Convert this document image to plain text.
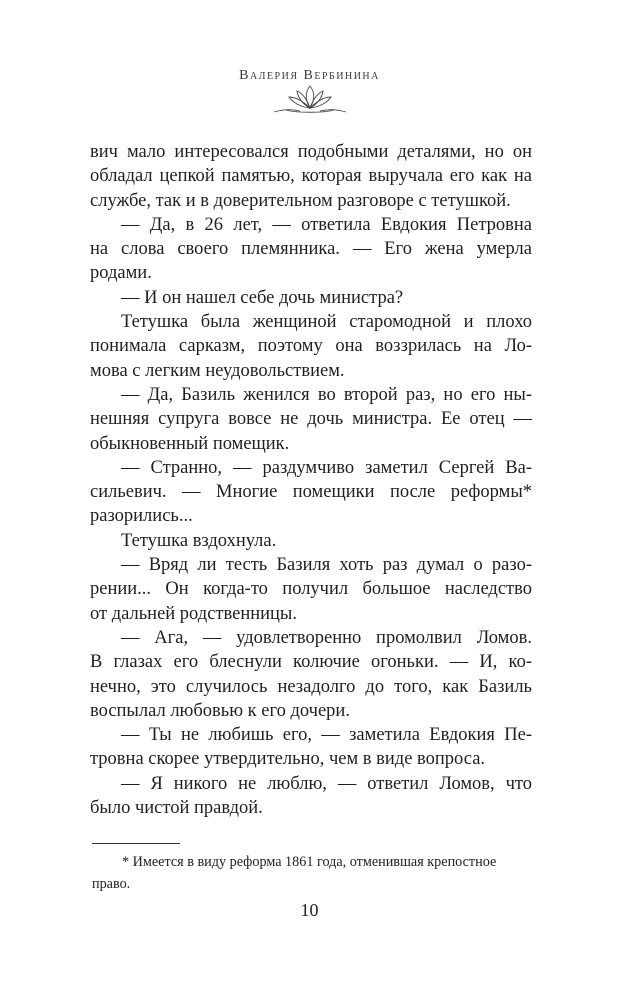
Валерия Вербинина
вич мало интересовался подобными деталями, но он
обладал цепкой памятью, которая выручала его как на
службе, так и в доверительном разговоре с тетушкой.
— Да, в 26 лет, — ответила Евдокия Петровна
на слова своего племянника. — Его жена умерла
родами.
— И он нашел себе дочь министра?
Тетушка была женщиной старомодной и плохо
понимала сарказм, поэтому она воззрилась на Ло-
мова с легким неудовольствием.
— Да, Базиль женился во второй раз, но его ны-
нешняя супруга вовсе не дочь министра. Ее отец —
обыкновенный помещик.
— Странно, — раздумчиво заметил Сергей Ва-
сильевич. — Многие помещики после реформы*
разорились...
Тетушка вздохнула.
— Вряд ли тесть Базиля хоть раз думал о разо-
рении... Он когда-то получил большое наследство
от дальней родственницы.
— Ага, — удовлетворенно промолвил Ломов.
В глазах его блеснули колючие огоньки. — И, ко-
нечно, это случилось незадолго до того, как Базиль
воспылал любовью к его дочери.
— Ты не любишь его, — заметила Евдокия Пе-
тровна скорее утвердительно, чем в виде вопроса.
— Я никого не люблю, — ответил Ломов, что
было чистой правдой.
* Имеется в виду реформа 1861 года, отменившая крепостное
право.
10
